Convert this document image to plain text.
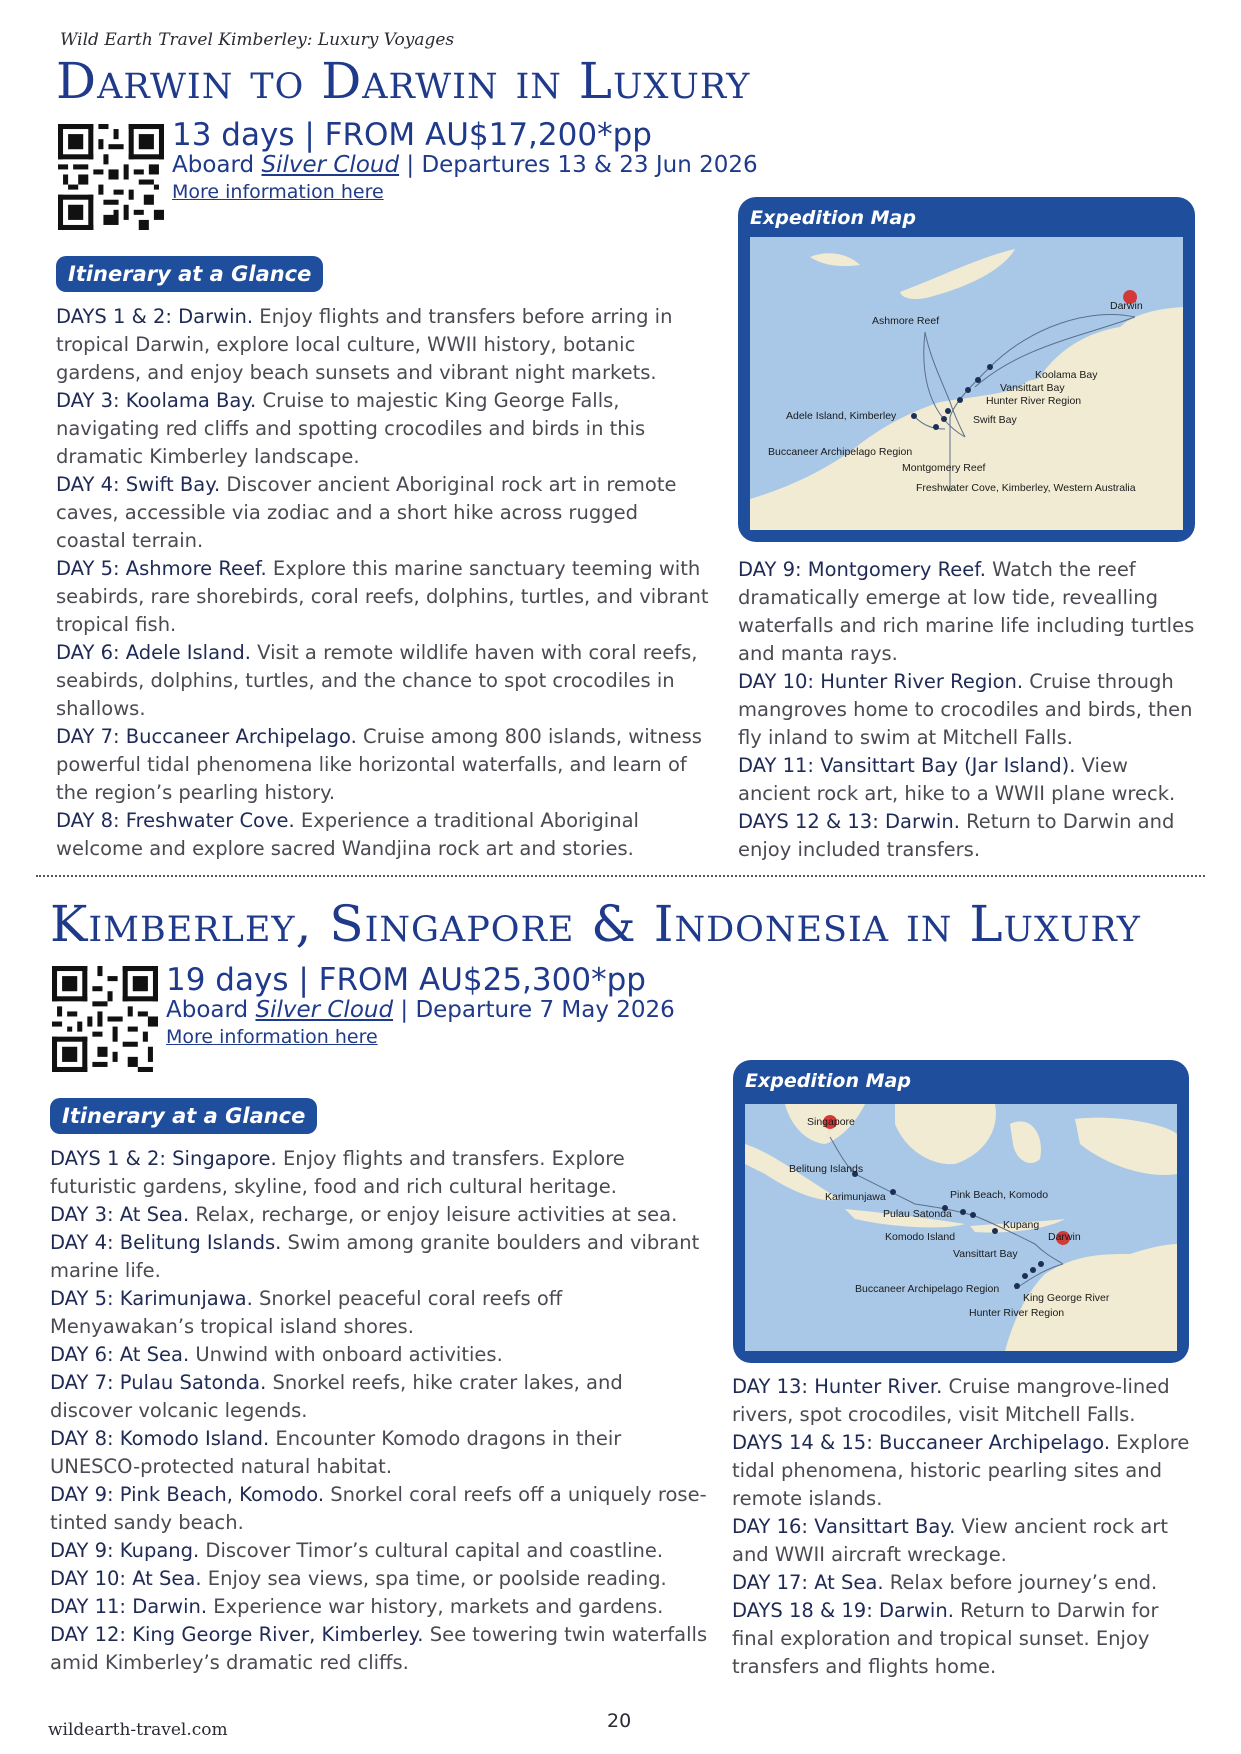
Wild Earth Travel Kimberley: Luxury Voyages
Darwin to Darwin in Luxury
13 days | FROM AU$17,200*pp
Aboard Silver Cloud | Departures 13 & 23 Jun 2026
More information here
Itinerary at a Glance

DAYS 1 & 2: Darwin. Enjoy flights and transfers before arring in tropical Darwin, explore local culture, WWII history, botanic gardens, and enjoy beach sunsets and vibrant night markets.

DAY 3: Koolama Bay. Cruise to majestic King George Falls, navigating red cliffs and spotting crocodiles and birds in this dramatic Kimberley landscape.

DAY 4: Swift Bay. Discover ancient Aboriginal rock art in remote caves, accessible via zodiac and a short hike across rugged coastal terrain.

DAY 5: Ashmore Reef. Explore this marine sanctuary teeming with seabirds, rare shorebirds, coral reefs, dolphins, turtles, and vibrant tropical fish.

DAY 6: Adele Island. Visit a remote wildlife haven with coral reefs, seabirds, dolphins, turtles, and the chance to spot crocodiles in shallows.

DAY 7: Buccaneer Archipelago. Cruise among 800 islands, witness powerful tidal phenomena like horizontal waterfalls, and learn of the region’s pearling history.

DAY 8: Freshwater Cove. Experience a traditional Aboriginal welcome and explore sacred Wandjina rock art and stories.

Expedition Map
Ashmore Reef
Darwin
Koolama Bay
Vansittart Bay
Hunter River Region
Adele Island, Kimberley	Swift Bay
Buccaneer Archipelago Region
Montgomery Reef
Freshwater Cove, Kimberley, Western Australia

DAY 9: Montgomery Reef. Watch the reef dramatically emerge at low tide, revealling waterfalls and rich marine life including turtles and manta rays.

DAY 10: Hunter River Region. Cruise through mangroves home to crocodiles and birds, then fly inland to swim at Mitchell Falls.

DAY 11: Vansittart Bay (Jar Island). View ancient rock art, hike to a WWII plane wreck.

DAYS 12 & 13: Darwin. Return to Darwin and enjoy included transfers.

Kimberley, Singapore & Indonesia in Luxury
19 days | FROM AU$25,300*pp
Aboard Silver Cloud | Departure 7 May 2026
More information here
Itinerary at a Glance

DAYS 1 & 2: Singapore. Enjoy flights and transfers. Explore futuristic gardens, skyline, food and rich cultural heritage.

DAY 3: At Sea. Relax, recharge, or enjoy leisure activities at sea.

DAY 4: Belitung Islands. Swim among granite boulders and vibrant marine life.

DAY 5: Karimunjawa. Snorkel peaceful coral reefs off Menyawakan’s tropical island shores.

DAY 6: At Sea. Unwind with onboard activities.

DAY 7: Pulau Satonda. Snorkel reefs, hike crater lakes, and discover volcanic legends.

DAY 8: Komodo Island. Encounter Komodo dragons in their UNESCO-protected natural habitat.

DAY 9: Pink Beach, Komodo. Snorkel coral reefs off a uniquely rose-tinted sandy beach.

DAY 9: Kupang. Discover Timor’s cultural capital and coastline.

DAY 10: At Sea. Enjoy sea views, spa time, or poolside reading.

DAY 11: Darwin. Experience war history, markets and gardens.

DAY 12: King George River, Kimberley. See towering twin waterfalls amid Kimberley’s dramatic red cliffs.

Expedition Map
Singapore
Belitung Islands
Karimunjawa	Pink Beach, Komodo
Pulau Satonda
Kupang
Komodo Island	Darwin
Vansittart Bay
Buccaneer Archipelago Region
King George River
Hunter River Region

DAY 13: Hunter River. Cruise mangrove-lined rivers, spot crocodiles, visit Mitchell Falls.

DAYS 14 & 15: Buccaneer Archipelago. Explore tidal phenomena, historic pearling sites and remote islands.

DAY 16: Vansittart Bay. View ancient rock art and WWII aircraft wreckage.

DAY 17: At Sea. Relax before journey’s end.

DAYS 18 & 19: Darwin. Return to Darwin for final exploration and tropical sunset. Enjoy transfers and flights home.

wildearth-travel.com	20
